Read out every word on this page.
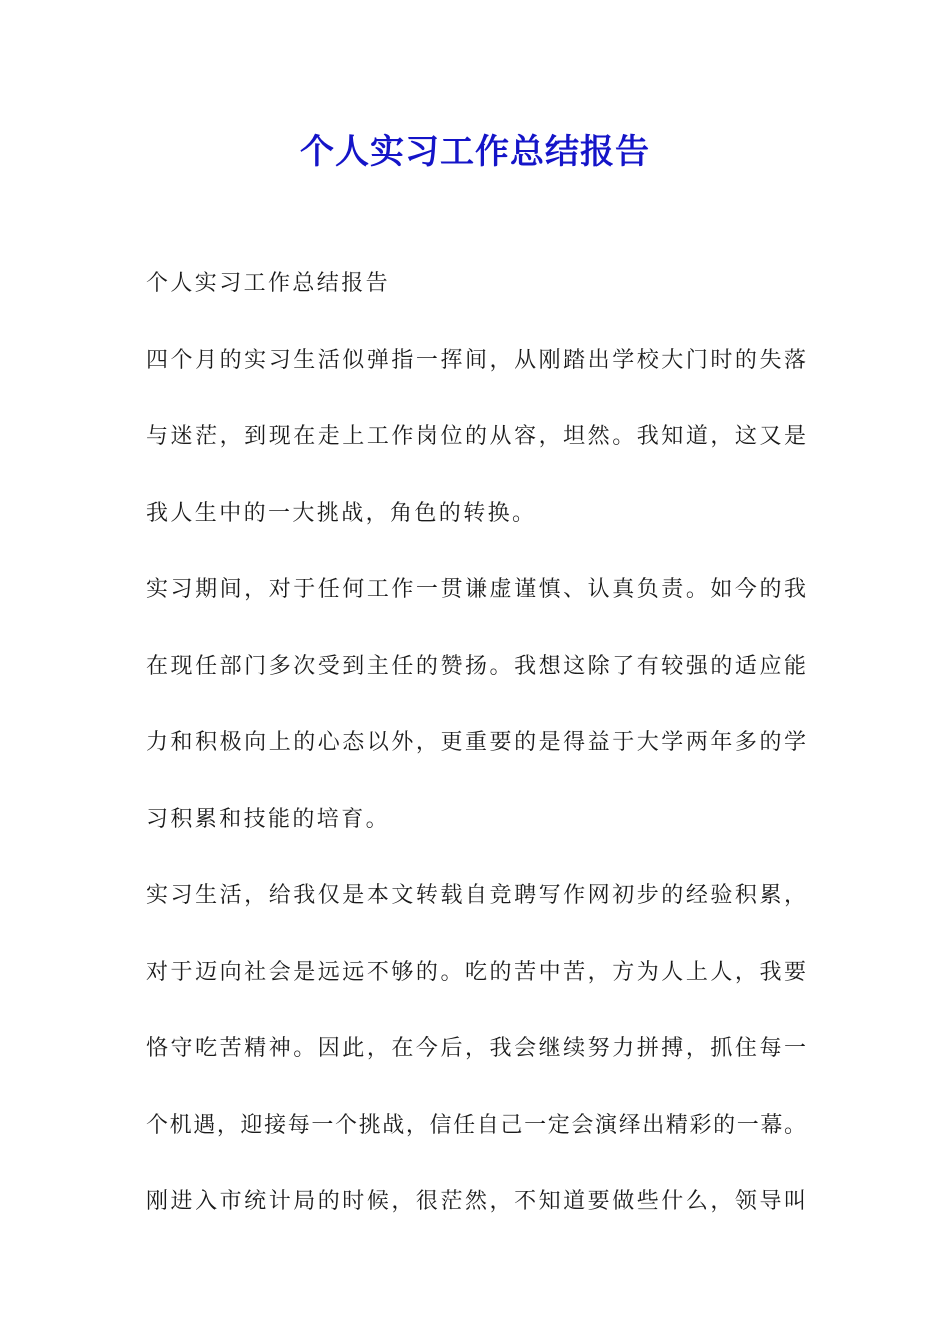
个人实习工作总结报告
个人实习工作总结报告
四个月的实习生活似弹指一挥间，从刚踏出学校大门时的失落
与迷茫，到现在走上工作岗位的从容，坦然。我知道，这又是
我人生中的一大挑战，角色的转换。
实习期间，对于任何工作一贯谦虚谨慎、认真负责。如今的我
在现任部门多次受到主任的赞扬。我想这除了有较强的适应能
力和积极向上的心态以外，更重要的是得益于大学两年多的学
习积累和技能的培育。
实习生活，给我仅是本文转载自竞聘写作网初步的经验积累，
对于迈向社会是远远不够的。吃的苦中苦，方为人上人，我要
恪守吃苦精神。因此，在今后，我会继续努力拼搏，抓住每一
个机遇，迎接每一个挑战，信任自己一定会演绎出精彩的一幕。
刚进入市统计局的时候，很茫然，不知道要做些什么，领导叫
